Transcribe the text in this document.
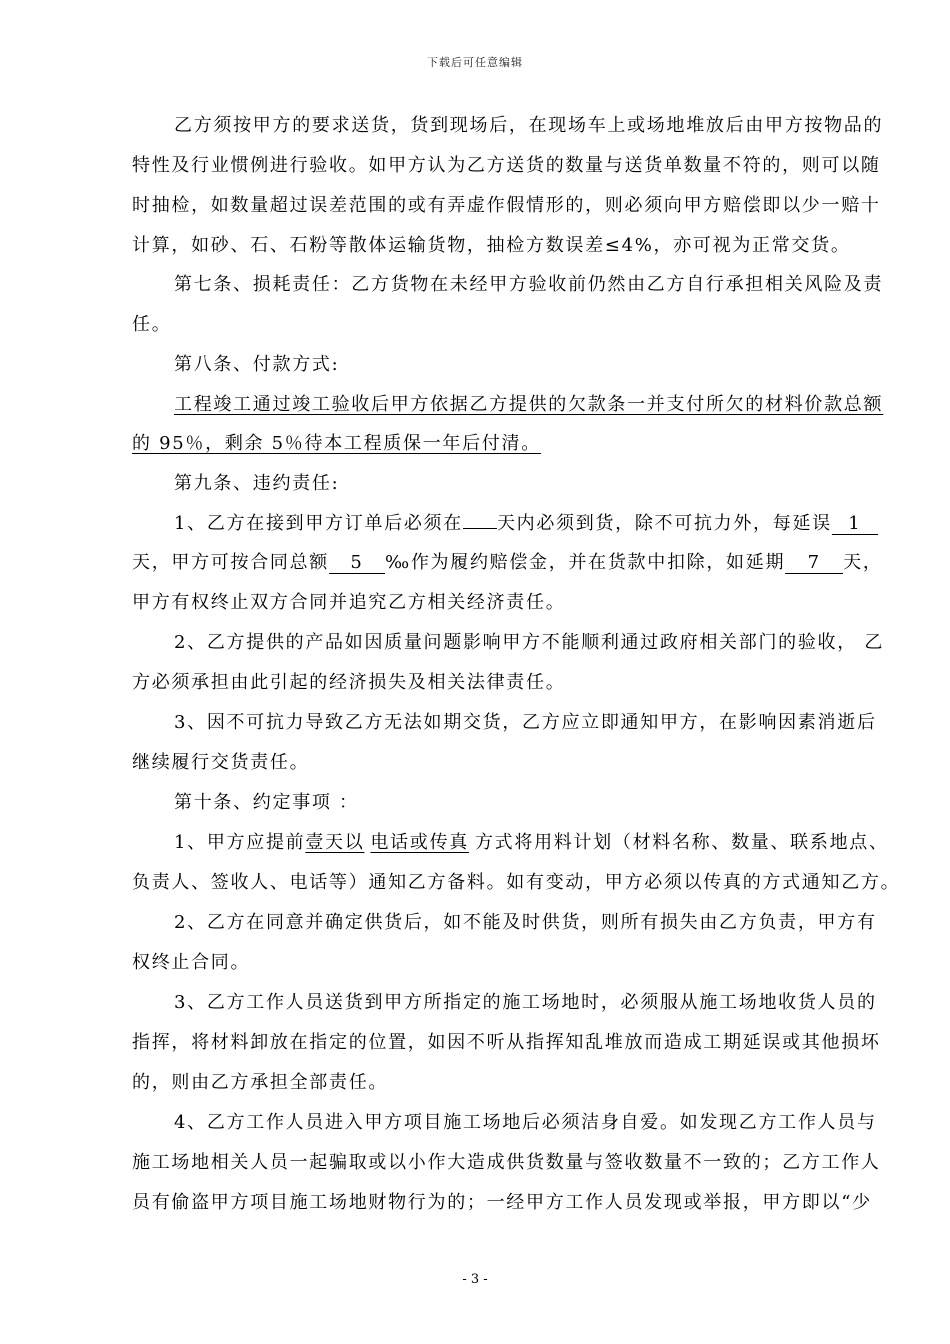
下载后可任意编辑
乙方须按甲方的要求送货，货到现场后，在现场车上或场地堆放后由甲方按物品的
特性及行业惯例进行验收。如甲方认为乙方送货的数量与送货单数量不符的，则可以随
时抽检，如数量超过误差范围的或有弄虚作假情形的，则必须向甲方赔偿即以少一赔十
计算，如砂、石、石粉等散体运输货物，抽检方数误差≤4%，亦可视为正常交货。
第七条、损耗责任：乙方货物在未经甲方验收前仍然由乙方自行承担相关风险及责
任。
第八条、付款方式:
工程竣工通过竣工验收后甲方依据乙方提供的欠款条一并支付所欠的材料价款总额
的 95％，剩余 5％待本工程质保一年后付清。
第九条、违约责任:
1、乙方在接到甲方订单后必须在 天内必须到货，除不可抗力外，每延误 1
天，甲方可按合同总额 5 ‰作为履约赔偿金，并在货款中扣除，如延期 7 天，
甲方有权终止双方合同并追究乙方相关经济责任。
2、乙方提供的产品如因质量问题影响甲方不能顺利通过政府相关部门的验收， 乙
方必须承担由此引起的经济损失及相关法律责任。
3、因不可抗力导致乙方无法如期交货，乙方应立即通知甲方，在影响因素消逝后
继续履行交货责任。
第十条、约定事项 ：
1、甲方应提前壹天以 电话或传真 方式将用料计划（材料名称、数量、联系地点、
负责人、签收人、电话等）通知乙方备料。如有变动，甲方必须以传真的方式通知乙方。
2、乙方在同意并确定供货后，如不能及时供货，则所有损失由乙方负责，甲方有
权终止合同。
3、乙方工作人员送货到甲方所指定的施工场地时，必须服从施工场地收货人员的
指挥，将材料卸放在指定的位置，如因不听从指挥知乱堆放而造成工期延误或其他损坏
的，则由乙方承担全部责任。
4、乙方工作人员进入甲方项目施工场地后必须洁身自爱。如发现乙方工作人员与
施工场地相关人员一起骗取或以小作大造成供货数量与签收数量不一致的；乙方工作人
员有偷盗甲方项目施工场地财物行为的；一经甲方工作人员发现或举报，甲方即以“少
- 3 -
